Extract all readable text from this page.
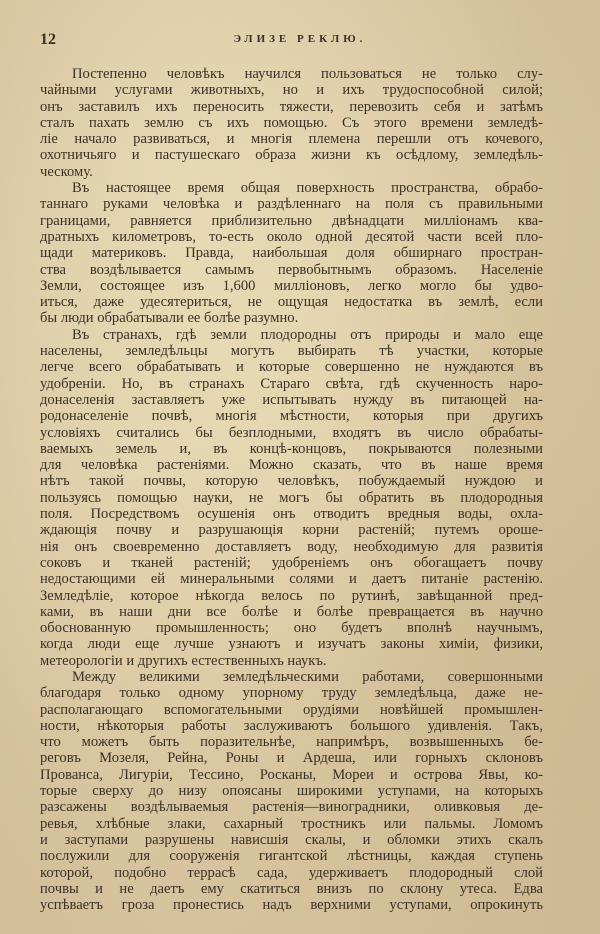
12	ЭЛИЗЕ РЕКЛЮ.
Постепенно человѣкъ научился пользоваться не только слу-
чайными услугами животныхъ, но и ихъ трудоспособной силой;
онъ заставилъ ихъ переносить тяжести, перевозить себя и затѣмъ
сталъ пахать землю съ ихъ помощью. Съ этого времени земледѣ-
ліе начало развиваться, и многія племена перешли отъ кочевого,
охотничьяго и пастушескаго образа жизни къ осѣдлому, земледѣль-
ческому.
Въ настоящее время общая поверхность пространства, обрабо-
таннаго руками человѣка и раздѣленнаго на поля съ правильными
границами, равняется приблизительно двѣнадцати милліонамъ ква-
дратныхъ километровъ, то-есть около одной десятой части всей пло-
щади материковъ. Правда, наибольшая доля обширнаго простран-
ства воздѣлывается самымъ первобытнымъ образомъ. Населеніе
Земли, состоящее изъ 1,600 милліоновъ, легко могло бы удво-
иться, даже удесятериться, не ощущая недостатка въ землѣ, если
бы люди обрабатывали ее болѣе разумно.
Въ странахъ, гдѣ земли плодородны отъ природы и мало еще
населены, земледѣльцы могутъ выбирать тѣ участки, которые
легче всего обрабатывать и которые совершенно не нуждаются въ
удобреніи. Но, въ странахъ Стараго свѣта, гдѣ скученность наро-
донаселенія заставляетъ уже испытывать нужду въ питающей на-
родонаселеніе почвѣ, многія мѣстности, которыя при другихъ
условіяхъ считались бы безплодными, входятъ въ число обрабаты-
ваемыхъ земель и, въ концѣ-концовъ, покрываются полезными
для человѣка растеніями. Можно сказать, что въ наше время
нѣтъ такой почвы, которую человѣкъ, побуждаемый нуждою и
пользуясь помощью науки, не могъ бы обратить въ плодородныя
поля. Посредствомъ осушенія онъ отводитъ вредныя воды, охла-
ждающія почву и разрушающія корни растеній; путемъ ороше-
нія онъ своевременно доставляетъ воду, необходимую для развитія
соковъ и тканей растеній; удобреніемъ онъ обогащаетъ почву
недостающими ей минеральными солями и даетъ питаніе растенію.
Земледѣліе, которое нѣкогда велось по рутинѣ, завѣщанной пред-
ками, въ наши дни все болѣе и болѣе превращается въ научно
обоснованную промышленность; оно будетъ вполнѣ научнымъ,
когда люди еще лучше узнаютъ и изучатъ законы химіи, физики,
метеорологіи и другихъ естественныхъ наукъ.
Между великими земледѣльческими работами, совершонными
благодаря только одному упорному труду земледѣльца, даже не-
располагающаго вспомогательными орудіями новѣйшей промышлен-
ности, нѣкоторыя работы заслуживаютъ большого удивленія. Такъ,
что можетъ быть поразительнѣе, напримѣръ, возвышенныхъ бе-
реговъ Мозеля, Рейна, Роны и Ардеша, или горныхъ склоновъ
Прованса, Лигуріи, Тессино, Росканы, Мореи и острова Явы, ко-
торые сверху до низу опоясаны широкими уступами, на которыхъ
разсажены воздѣлываемыя растенія—виноградники, оливковыя де-
ревья, хлѣбные злаки, сахарный тростникъ или пальмы. Ломомъ
и заступами разрушены нависшія скалы, и обломки этихъ скалъ
послужили для сооруженія гигантской лѣстницы, каждая ступень
которой, подобно террасѣ сада, удерживаетъ плодородный слой
почвы и не даетъ ему скатиться внизъ по склону утеса. Едва
успѣваетъ гроза пронестись надъ верхними уступами, опрокинуть
